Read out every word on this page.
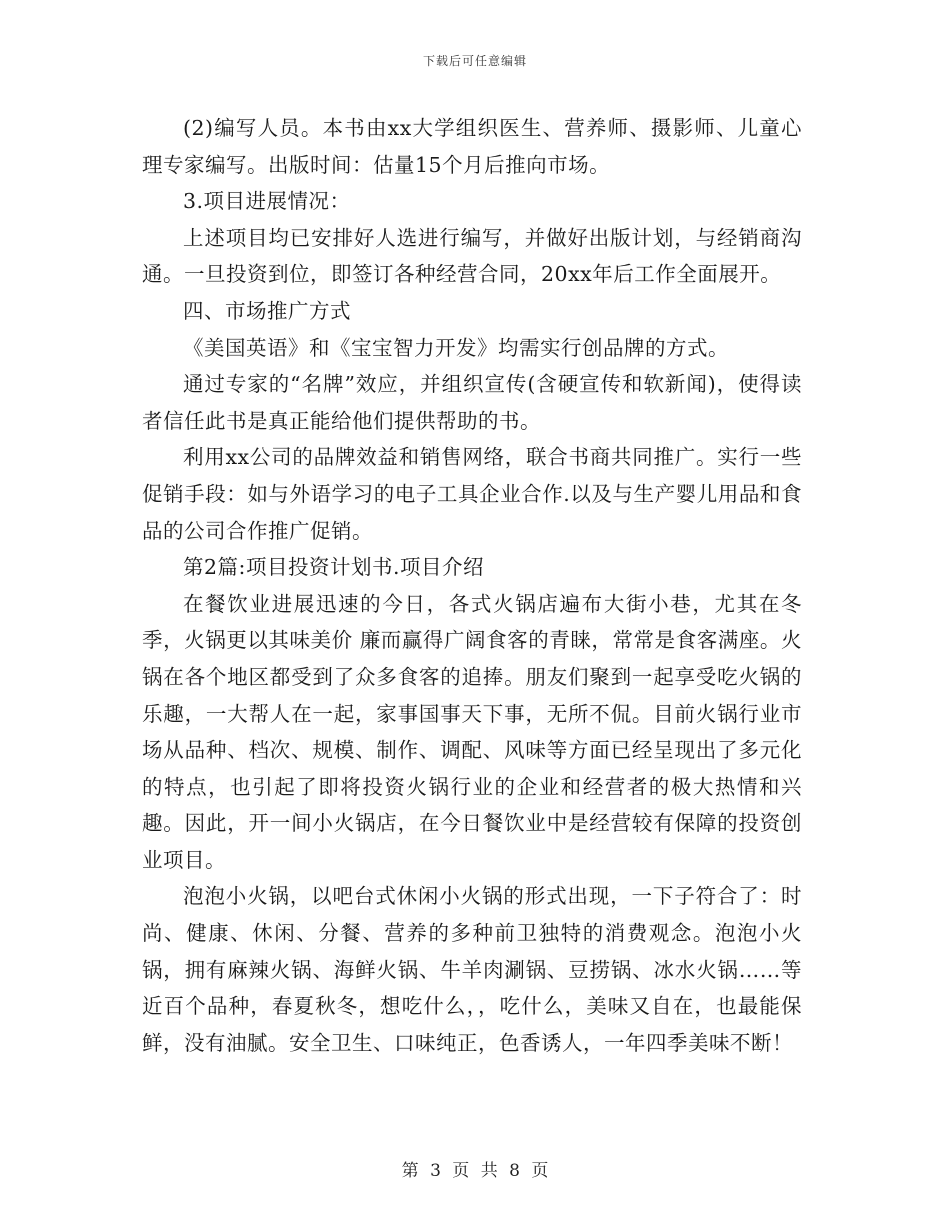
下载后可任意编辑

(2)编写人员。本书由xx大学组织医生、营养师、摄影师、儿童心理专家编写。出版时间：估量15个月后推向市场。

3.项目进展情况：

上述项目均已安排好人选进行编写，并做好出版计划，与经销商沟通。一旦投资到位，即签订各种经营合同，20xx年后工作全面展开。

四、市场推广方式

《美国英语》和《宝宝智力开发》均需实行创品牌的方式。

通过专家的“名牌”效应，并组织宣传(含硬宣传和软新闻)，使得读者信任此书是真正能给他们提供帮助的书。

利用xx公司的品牌效益和销售网络，联合书商共同推广。实行一些促销手段：如与外语学习的电子工具企业合作.以及与生产婴儿用品和食品的公司合作推广促销。

第2篇:项目投资计划书.项目介绍

在餐饮业进展迅速的今日，各式火锅店遍布大街小巷，尤其在冬季，火锅更以其味美价 廉而赢得广阔食客的青睐，常常是食客满座。火锅在各个地区都受到了众多食客的追捧。朋友们聚到一起享受吃火锅的乐趣，一大帮人在一起，家事国事天下事，无所不侃。目前火锅行业市场从品种、档次、规模、制作、调配、风味等方面已经呈现出了多元化的特点，也引起了即将投资火锅行业的企业和经营者的极大热情和兴趣。因此，开一间小火锅店，在今日餐饮业中是经营较有保障的投资创业项目。

泡泡小火锅，以吧台式休闲小火锅的形式出现，一下子符合了：时尚、健康、休闲、分餐、营养的多种前卫独特的消费观念。泡泡小火锅，拥有麻辣火锅、海鲜火锅、牛羊肉涮锅、豆捞锅、冰水火锅……等近百个品种，春夏秋冬，想吃什么，，吃什么，美味又自在，也最能保鲜，没有油腻。安全卫生、口味纯正，色香诱人，一年四季美味不断！

第 3 页 共 8 页
